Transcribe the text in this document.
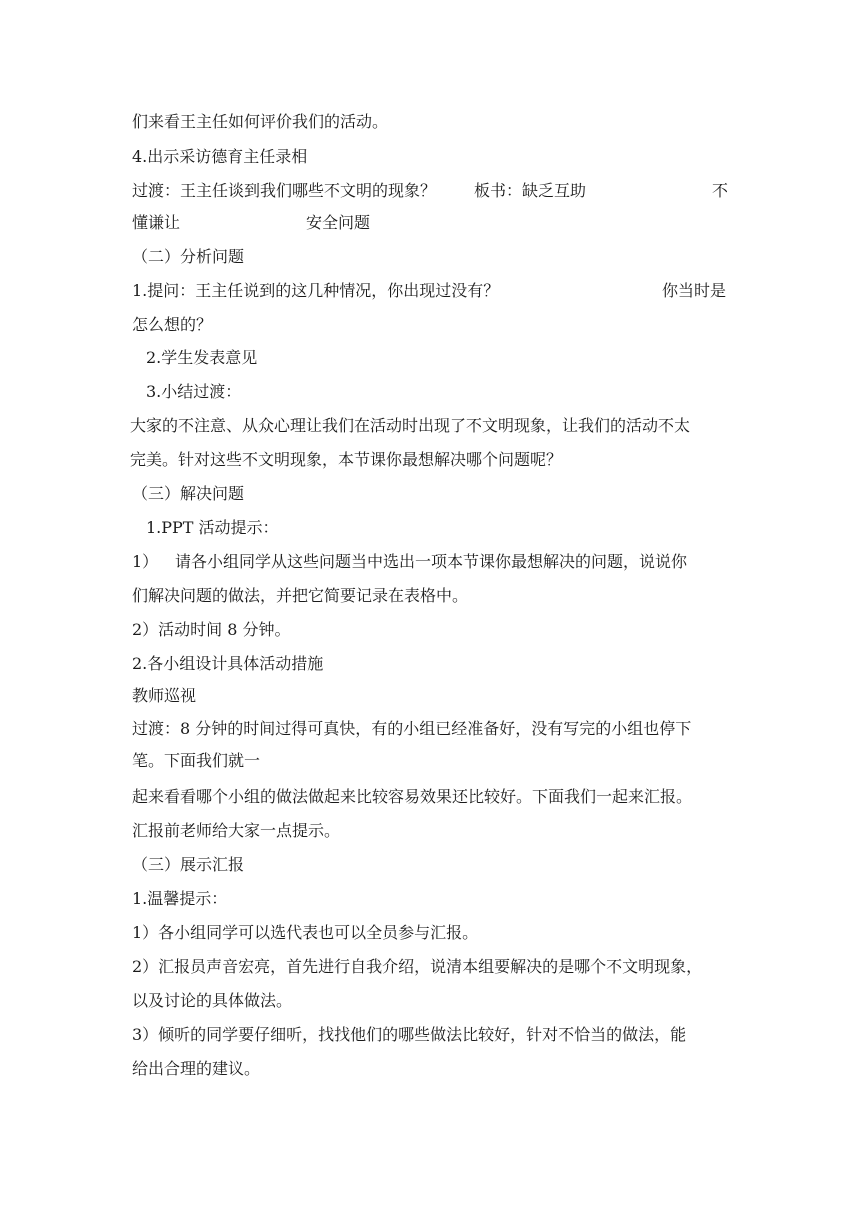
们来看王主任如何评价我们的活动。
4.出示采访德育主任录相
过渡：王主任谈到我们哪些不文明的现象？ 板书：缺乏互助	不
懂谦让	安全问题
（二）分析问题
1.提问：王主任说到的这几种情况，你出现过没有？	你当时是
怎么想的？
2.学生发表意见
3.小结过渡：
大家的不注意、从众心理让我们在活动时出现了不文明现象，让我们的活动不太
完美。针对这些不文明现象，本节课你最想解决哪个问题呢？
（三）解决问题
1.PPT 活动提示：
1） 请各小组同学从这些问题当中选出一项本节课你最想解决的问题，说说你
们解决问题的做法，并把它简要记录在表格中。
2）活动时间 8 分钟。
2.各小组设计具体活动措施
教师巡视
过渡：8 分钟的时间过得可真快，有的小组已经准备好，没有写完的小组也停下
笔。下面我们就一
起来看看哪个小组的做法做起来比较容易效果还比较好。下面我们一起来汇报。
汇报前老师给大家一点提示。
（三）展示汇报
1.温馨提示：
1）各小组同学可以选代表也可以全员参与汇报。
2）汇报员声音宏亮，首先进行自我介绍，说清本组要解决的是哪个不文明现象，
以及讨论的具体做法。
3）倾听的同学要仔细听，找找他们的哪些做法比较好，针对不恰当的做法，能
给出合理的建议。
